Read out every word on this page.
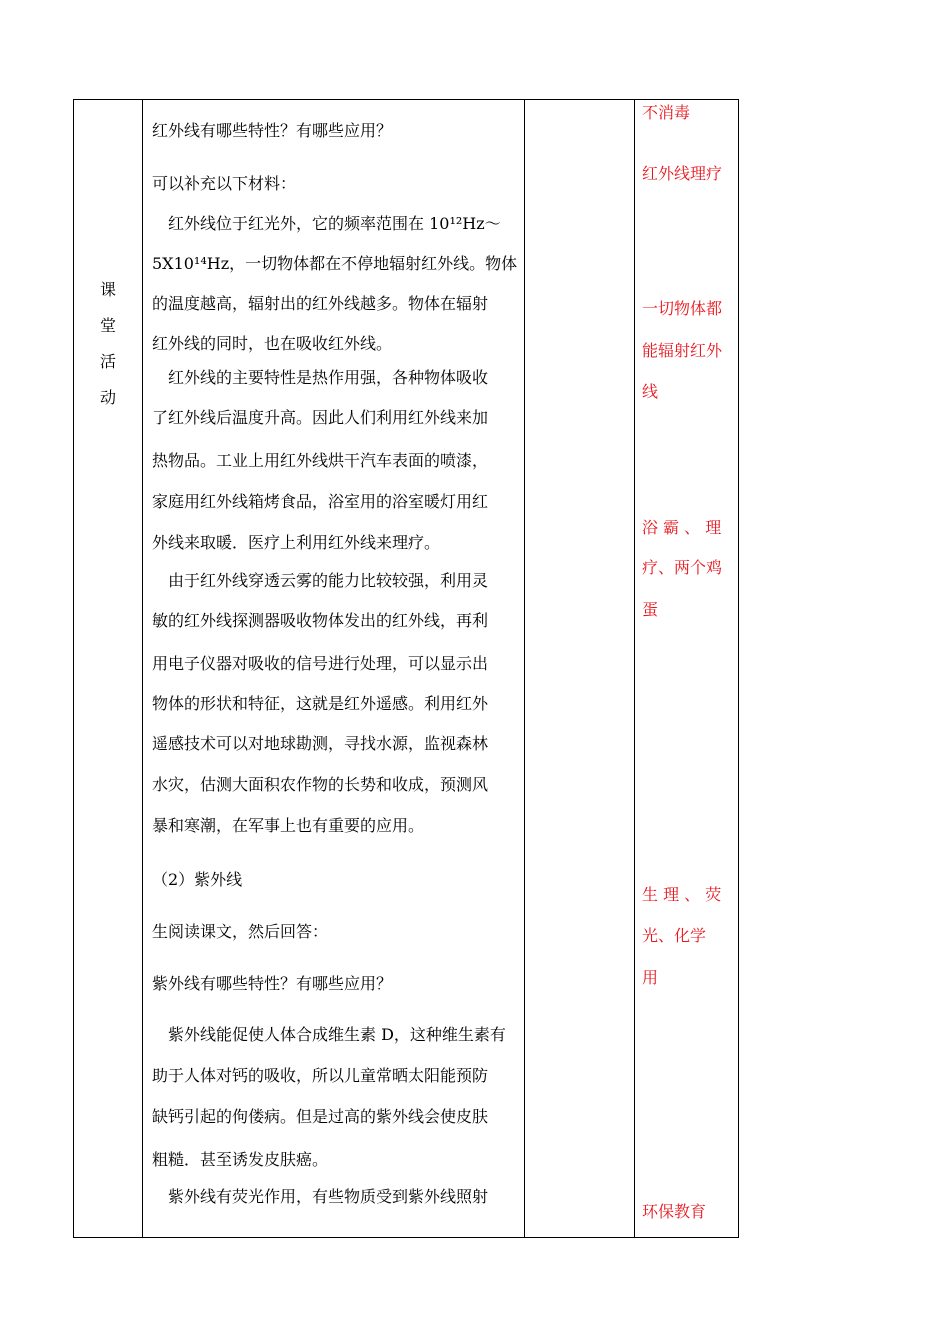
课
堂
活
动
红外线有哪些特性？有哪些应用？
可以补充以下材料：
红外线位于红光外，它的频率范围在 10¹²Hz～
5X10¹⁴Hz，一切物体都在不停地辐射红外线。物体
的温度越高，辐射出的红外线越多。物体在辐射
红外线的同时，也在吸收红外线。
红外线的主要特性是热作用强，各种物体吸收
了红外线后温度升高。因此人们利用红外线来加
热物品。工业上用红外线烘干汽车表面的喷漆，
家庭用红外线箱烤食品，浴室用的浴室暖灯用红
外线来取暖．医疗上利用红外线来理疗。
由于红外线穿透云雾的能力比较较强，利用灵
敏的红外线探测器吸收物体发出的红外线，再利
用电子仪器对吸收的信号进行处理，可以显示出
物体的形状和特征，这就是红外遥感。利用红外
遥感技术可以对地球勘测，寻找水源，监视森林
水灾，估测大面积农作物的长势和收成，预测风
暴和寒潮，在军事上也有重要的应用。
（2）紫外线
生阅读课文，然后回答：
紫外线有哪些特性？有哪些应用？
紫外线能促使人体合成维生素 D，这种维生素有
助于人体对钙的吸收，所以儿童常晒太阳能预防
缺钙引起的佝偻病。但是过高的紫外线会使皮肤
粗糙．甚至诱发皮肤癌。
紫外线有荧光作用，有些物质受到紫外线照射
不消毒
红外线理疗
一切物体都
能辐射红外
线
浴 霸 、 理
疗、两个鸡
蛋
生 理 、 荧
光、化学
用
环保教育
